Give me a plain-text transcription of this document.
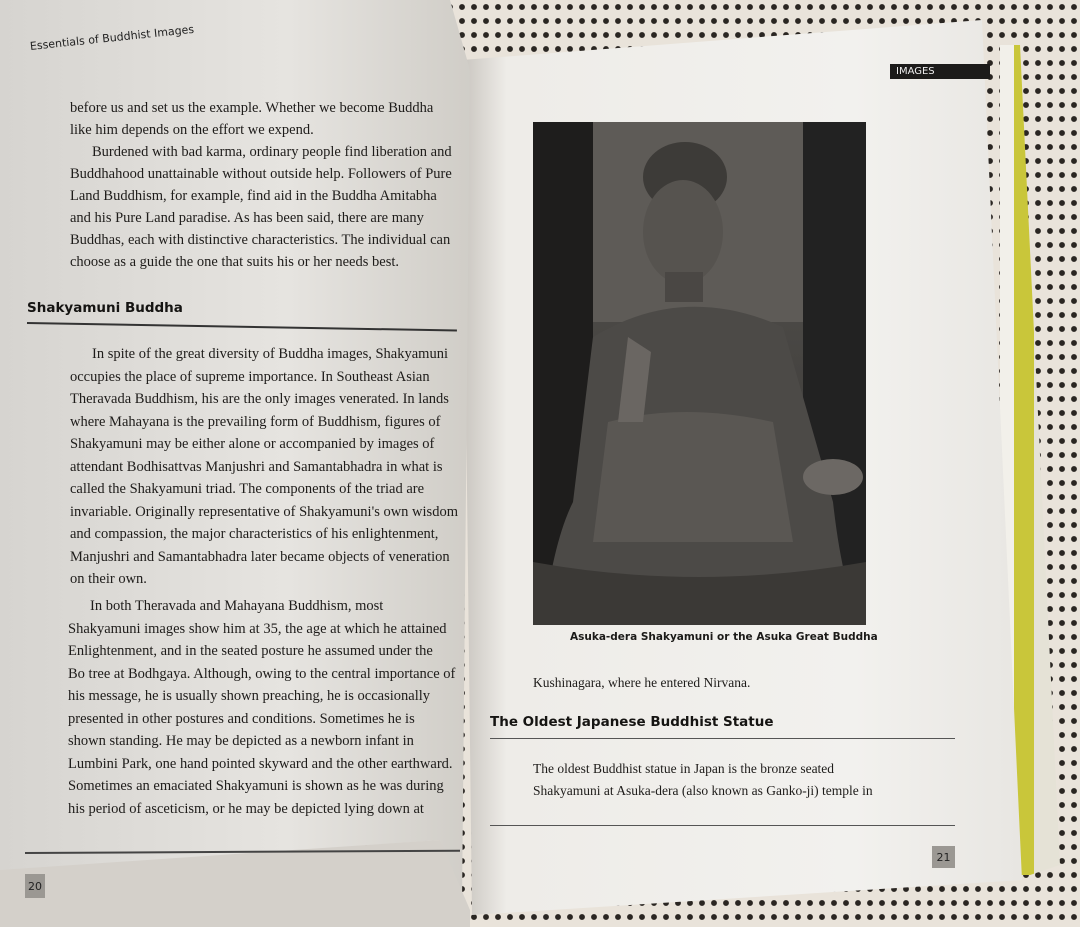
Essentials of Buddhist Images
before us and set us the example. Whether we become Buddha
like him depends on the effort we expend.
Burdened with bad karma, ordinary people find liberation and
Buddhahood unattainable without outside help. Followers of Pure
Land Buddhism, for example, find aid in the Buddha Amitabha
and his Pure Land paradise. As has been said, there are many
Buddhas, each with distinctive characteristics. The individual can
choose as a guide the one that suits his or her needs best.
Shakyamuni Buddha
In spite of the great diversity of Buddha images, Shakyamuni
occupies the place of supreme importance. In Southeast Asian
Theravada Buddhism, his are the only images venerated. In lands
where Mahayana is the prevailing form of Buddhism, figures of
Shakyamuni may be either alone or accompanied by images of
attendant Bodhisattvas Manjushri and Samantabhadra in what is
called the Shakyamuni triad. The components of the triad are
invariable. Originally representative of Shakyamuni's own wisdom
and compassion, the major characteristics of his enlightenment,
Manjushri and Samantabhadra later became objects of veneration
on their own.
In both Theravada and Mahayana Buddhism, most
Shakyamuni images show him at 35, the age at which he attained
Enlightenment, and in the seated posture he assumed under the
Bo tree at Bodhgaya. Although, owing to the central importance of
his message, he is usually shown preaching, he is occasionally
presented in other postures and conditions. Sometimes he is
shown standing. He may be depicted as a newborn infant in
Lumbini Park, one hand pointed skyward and the other earthward.
Sometimes an emaciated Shakyamuni is shown as he was during
his period of asceticism, or he may be depicted lying down at
20
IMAGES
Asuka-dera Shakyamuni or the Asuka Great Buddha
Kushinagara, where he entered Nirvana.
The Oldest Japanese Buddhist Statue
The oldest Buddhist statue in Japan is the bronze seated
Shakyamuni at Asuka-dera (also known as Ganko-ji) temple in
21
